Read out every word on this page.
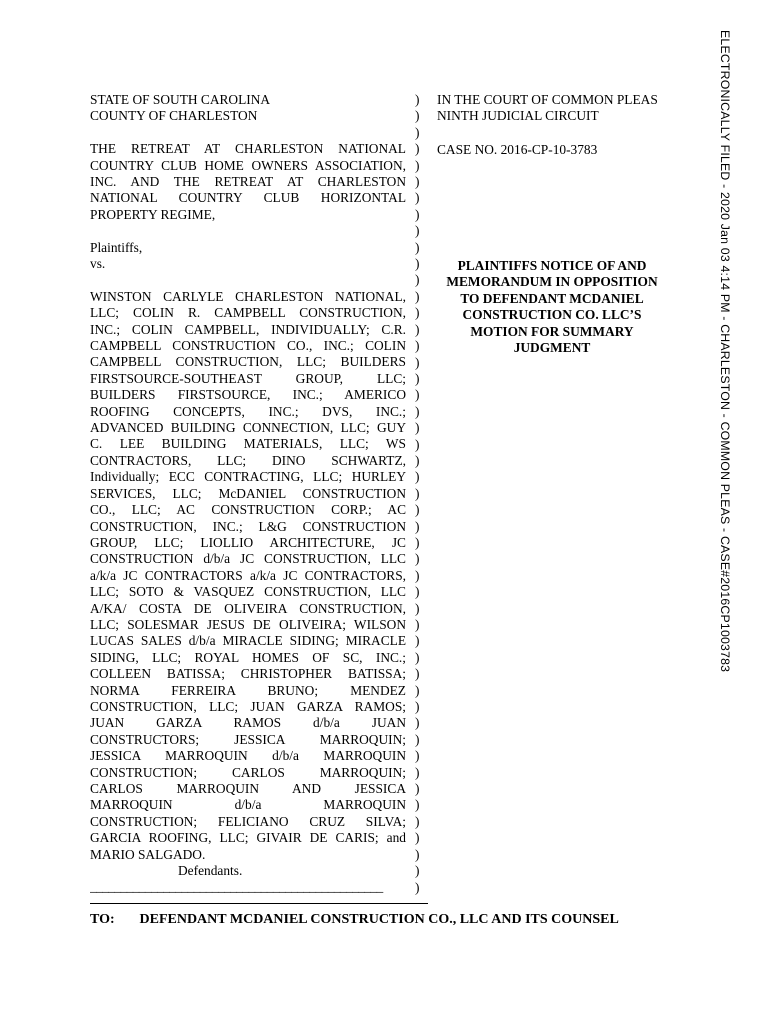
ELECTRONICALLY FILED - 2020 Jan 03 4:14 PM - CHARLESTON - COMMON PLEAS - CASE#2016CP1003783
STATE OF SOUTH CAROLINA
COUNTY OF CHARLESTON
THE RETREAT AT CHARLESTON NATIONAL
COUNTRY CLUB HOME OWNERS ASSOCIATION,
INC. AND THE RETREAT AT CHARLESTON
NATIONAL COUNTRY CLUB HORIZONTAL
PROPERTY REGIME,
Plaintiffs,
vs.
WINSTON CARLYLE CHARLESTON NATIONAL,
LLC; COLIN R. CAMPBELL CONSTRUCTION,
INC.; COLIN CAMPBELL, INDIVIDUALLY; C.R.
CAMPBELL CONSTRUCTION CO., INC.; COLIN
CAMPBELL CONSTRUCTION, LLC; BUILDERS
FIRSTSOURCE-SOUTHEAST GROUP, LLC;
BUILDERS FIRSTSOURCE, INC.; AMERICO
ROOFING CONCEPTS, INC.; DVS, INC.;
ADVANCED BUILDING CONNECTION, LLC; GUY
C. LEE BUILDING MATERIALS, LLC; WS
CONTRACTORS, LLC; DINO SCHWARTZ,
Individually; ECC CONTRACTING, LLC; HURLEY
SERVICES, LLC; McDANIEL CONSTRUCTION
CO., LLC; AC CONSTRUCTION CORP.; AC
CONSTRUCTION, INC.; L&G CONSTRUCTION
GROUP, LLC; LIOLLIO ARCHITECTURE, JC
CONSTRUCTION d/b/a JC CONSTRUCTION, LLC
a/k/a JC CONTRACTORS a/k/a JC CONTRACTORS,
LLC; SOTO & VASQUEZ CONSTRUCTION, LLC
A/KA/ COSTA DE OLIVEIRA CONSTRUCTION,
LLC; SOLESMAR JESUS DE OLIVEIRA; WILSON
LUCAS SALES d/b/a MIRACLE SIDING; MIRACLE
SIDING, LLC; ROYAL HOMES OF SC, INC.;
COLLEEN BATISSA; CHRISTOPHER BATISSA;
NORMA FERREIRA BRUNO; MENDEZ
CONSTRUCTION, LLC; JUAN GARZA RAMOS;
JUAN GARZA RAMOS d/b/a JUAN
CONSTRUCTORS; JESSICA MARROQUIN;
JESSICA MARROQUIN d/b/a MARROQUIN
CONSTRUCTION; CARLOS MARROQUIN;
CARLOS MARROQUIN AND JESSICA
MARROQUIN d/b/a MARROQUIN
CONSTRUCTION; FELICIANO CRUZ SILVA;
GARCIA ROOFING, LLC; GIVAIR DE CARIS; and
MARIO SALGADO.
Defendants.
________________________________________________
)
)
)
)
)
)
)
)
)
)
)
)
)
)
)
)
)
)
)
)
)
)
)
)
)
)
)
)
)
)
)
)
)
)
)
)
)
)
)
)
)
)
)
)
)
)
)
)
)
IN THE COURT OF COMMON PLEAS
NINTH JUDICIAL CIRCUIT
CASE NO. 2016-CP-10-3783
PLAINTIFFS NOTICE OF AND
MEMORANDUM IN OPPOSITION
TO DEFENDANT MCDANIEL
CONSTRUCTION CO. LLC’S
MOTION FOR SUMMARY
JUDGMENT
TO: DEFENDANT MCDANIEL CONSTRUCTION CO., LLC AND ITS COUNSEL
